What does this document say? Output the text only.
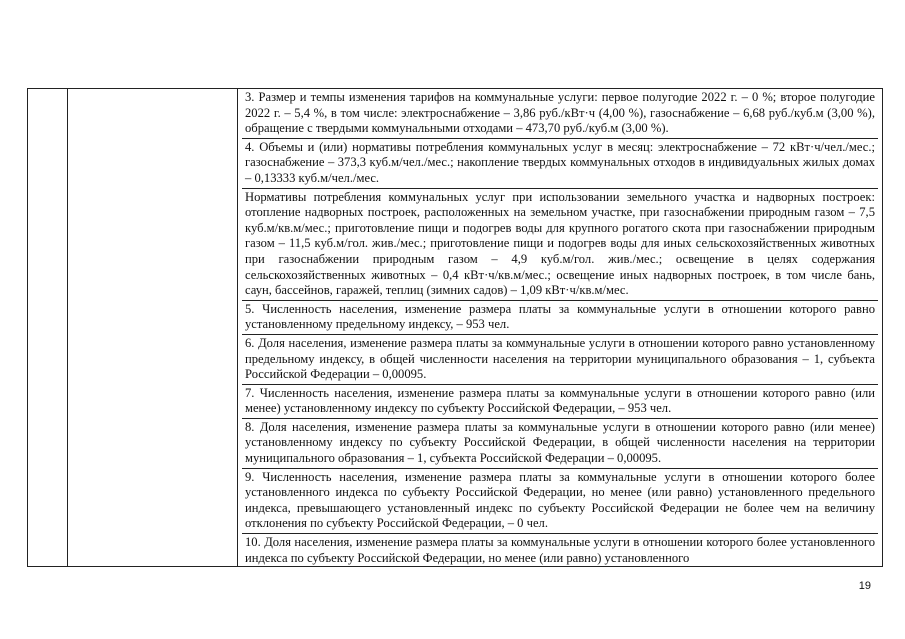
3. Размер и темпы изменения тарифов на коммунальные услуги: первое полугодие 2022 г. – 0 %; второе полугодие 2022 г. – 5,4 %, в том числе: электроснабжение – 3,86 руб./кВт·ч (4,00 %), газоснабжение – 6,68 руб./куб.м (3,00 %), обращение с твердыми коммунальными отходами – 473,70 руб./куб.м (3,00 %).
4. Объемы и (или) нормативы потребления коммунальных услуг в месяц: электроснабжение – 72 кВт·ч/чел./мес.; газоснабжение – 373,3 куб.м/чел./мес.; накопление твердых коммунальных отходов в индивидуальных жилых домах – 0,13333 куб.м/чел./мес.
Нормативы потребления коммунальных услуг при использовании земельного участка и надворных построек: отопление надворных построек, расположенных на земельном участке, при газоснабжении природным газом – 7,5 куб.м/кв.м/мес.; приготовление пищи и подогрев воды для крупного рогатого скота при газоснабжении природным газом – 11,5 куб.м/гол. жив./мес.; приготовление пищи и подогрев воды для иных сельскохозяйственных животных при газоснабжении природным газом – 4,9 куб.м/гол. жив./мес.; освещение в целях содержания сельскохозяйственных животных – 0,4 кВт·ч/кв.м/мес.; освещение иных надворных построек, в том числе бань, саун, бассейнов, гаражей, теплиц (зимних садов) – 1,09 кВт·ч/кв.м/мес.
5. Численность населения, изменение размера платы за коммунальные услуги в отношении которого равно установленному предельному индексу, – 953 чел.
6. Доля населения, изменение размера платы за коммунальные услуги в отношении которого равно установленному предельному индексу, в общей численности населения на территории муниципального образования – 1, субъекта Российской Федерации – 0,00095.
7. Численность населения, изменение размера платы за коммунальные услуги в отношении которого равно (или менее) установленному индексу по субъекту Российской Федерации, – 953 чел.
8. Доля населения, изменение размера платы за коммунальные услуги в отношении которого равно (или менее) установленному индексу по субъекту Российской Федерации, в общей численности населения на территории муниципального образования – 1, субъекта Российской Федерации – 0,00095.
9. Численность населения, изменение размера платы за коммунальные услуги в отношении которого более установленного индекса по субъекту Российской Федерации, но менее (или равно) установленного предельного индекса, превышающего установленный индекс по субъекту Российской Федерации не более чем на величину отклонения по субъекту Российской Федерации, – 0 чел.
10. Доля населения, изменение размера платы за коммунальные услуги в отношении которого более установленного индекса по субъекту Российской Федерации, но менее (или равно) установленного
19
